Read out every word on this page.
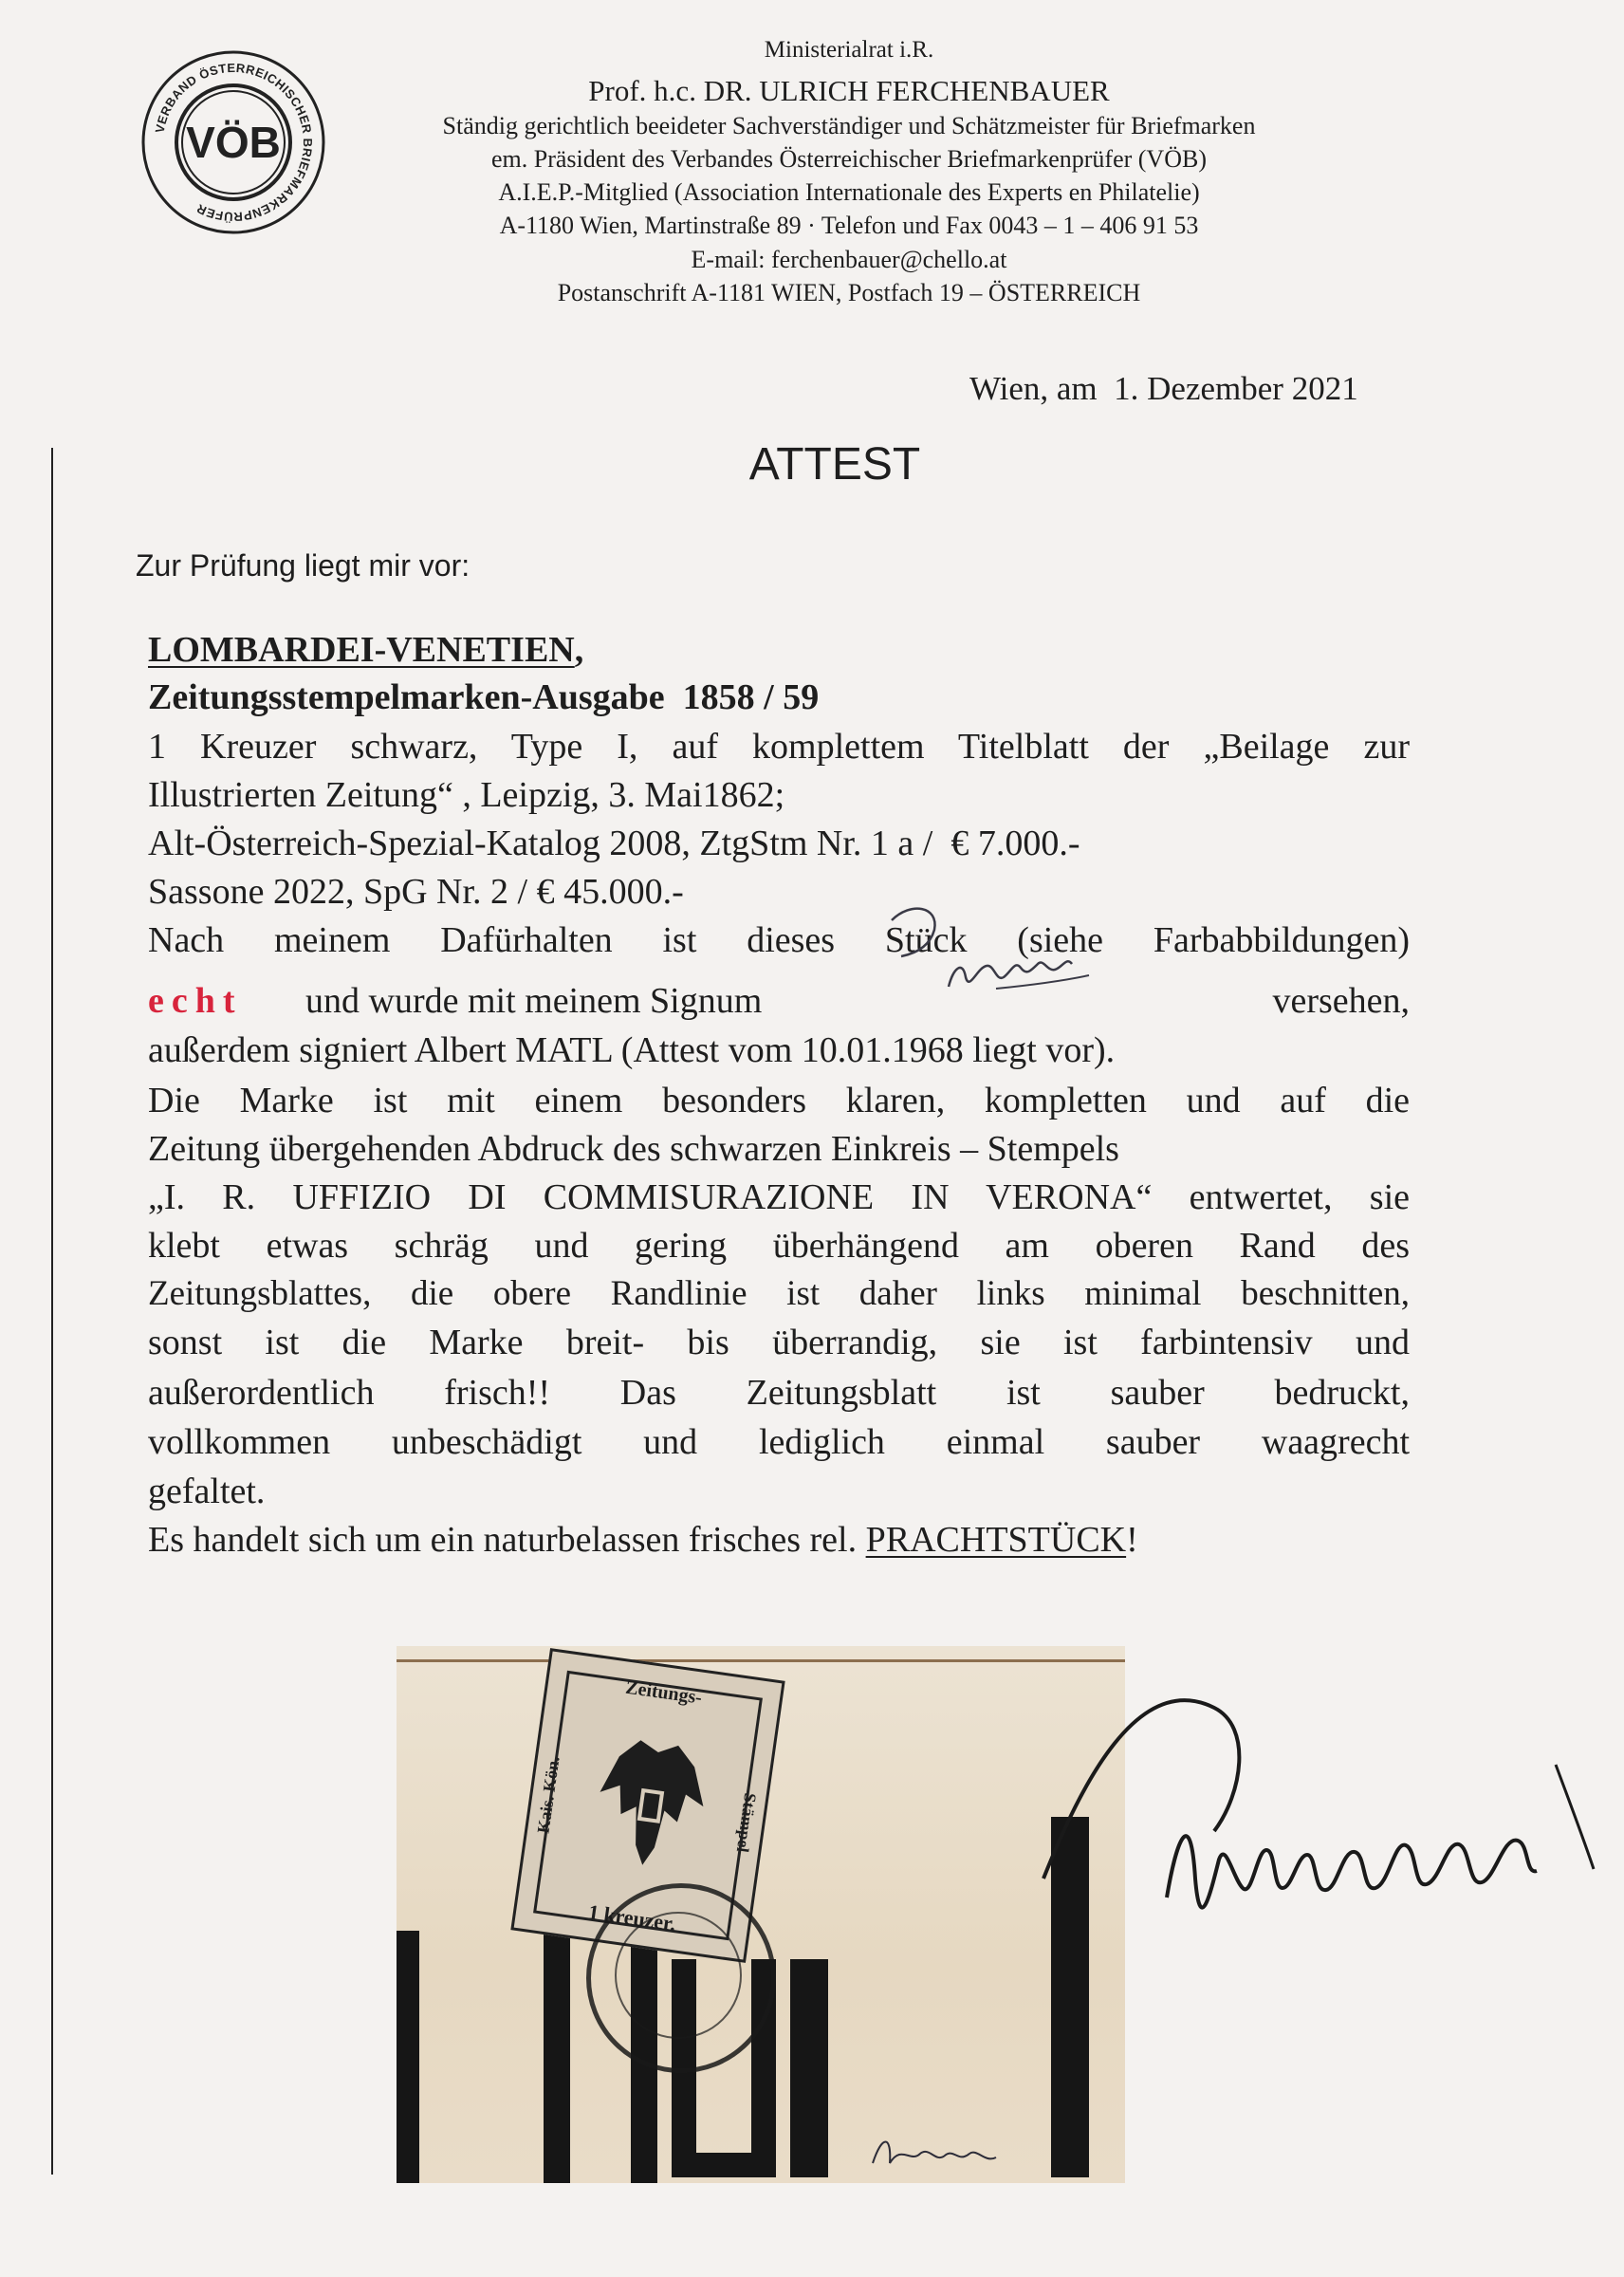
VERBAND ÖSTERREICHISCHER BRIEFMARKENPRÜFER
VÖB
Ministerialrat i.R.
Prof. h.c. DR. ULRICH FERCHENBAUER
Ständig gerichtlich beeideter Sachverständiger und Schätzmeister für Briefmarken
em. Präsident des Verbandes Österreichischer Briefmarkenprüfer (VÖB)
A.I.E.P.-Mitglied (Association Internationale des Experts en Philatelie)
A-1180 Wien, Martinstraße 89 · Telefon und Fax 0043 – 1 – 406 91 53
E-mail: ferchenbauer@chello.at
Postanschrift A-1181 WIEN, Postfach 19 – ÖSTERREICH
Wien, am  1. Dezember 2021
ATTEST
Zur Prüfung liegt mir vor:
LOMBARDEI-VENETIEN,
Zeitungsstempelmarken-Ausgabe  1858 / 59
1 Kreuzer schwarz, Type I, auf komplettem Titelblatt der „Beilage zur
Illustrierten Zeitung“ , Leipzig, 3. Mai1862;
Alt-Österreich-Spezial-Katalog 2008, ZtgStm Nr. 1 a /  € 7.000.-
Sassone 2022, SpG Nr. 2 / € 45.000.-
Nach meinem Dafürhalten ist dieses Stück (siehe Farbabbildungen)
echt und wurde mit meinem Signum	versehen,
außerdem signiert Albert MATL (Attest vom 10.01.1968 liegt vor).
Die Marke ist mit einem besonders klaren, kompletten und auf die
Zeitung übergehenden Abdruck des schwarzen Einkreis – Stempels
„I. R. UFFIZIO DI COMMISURAZIONE IN VERONA“ entwertet, sie
klebt etwas schräg und gering überhängend am oberen Rand des
Zeitungsblattes, die obere Randlinie ist daher links minimal beschnitten,
sonst ist die Marke breit- bis überrandig, sie ist farbintensiv und
außerordentlich frisch!! Das Zeitungsblatt ist sauber bedruckt,
vollkommen unbeschädigt und lediglich einmal sauber waagrecht
gefaltet.
Es handelt sich um ein naturbelassen frisches rel. PRACHTSTÜCK!
Zeitungs-
1 kreuzer.
Kais. Kön.	Stämpel
